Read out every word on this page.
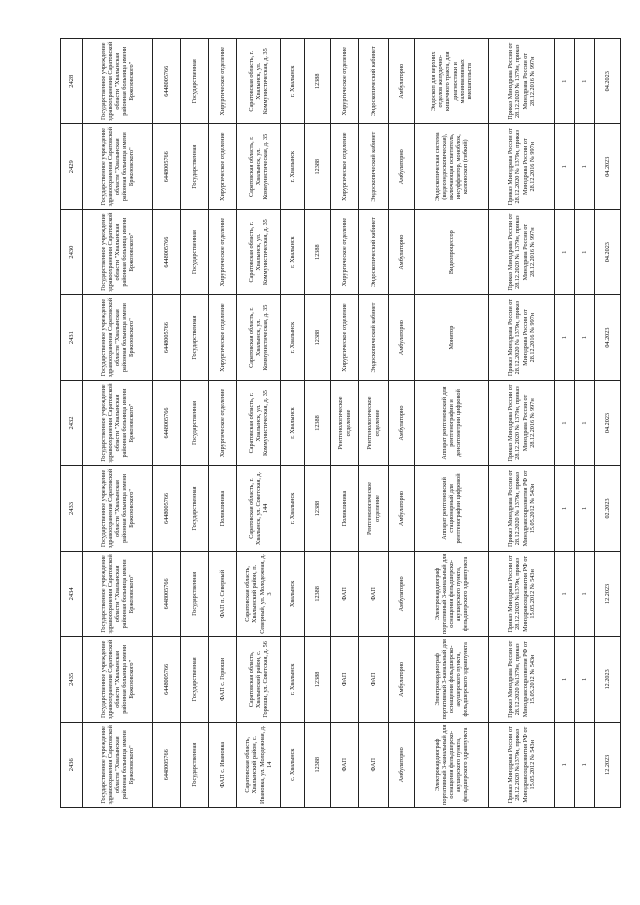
2436	2435	2434	2433	2432	2431	2430	2429	2428
Государственное учреждение здравоохранения Саратовской области "Хвалынская районная больница имени Бржозовского"	Государственное учреждение здравоохранения Саратовской области "Хвалынская районная больница имени Бржозовского"	Государственное учреждение здравоохранения Саратовской области "Хвалынская районная больница имени Бржозовского"	Государственное учреждение здравоохранения Саратовской области "Хвалынская районная больница имени Бржозовского"	Государственное учреждение здравоохранения Саратовской области "Хвалынская районная больница имени Бржозовского"	Государственное учреждение здравоохранения Саратовской области "Хвалынская районная больница имени Бржозовского"	Государственное учреждение здравоохранения Саратовской области "Хвалынская районная больница имени Бржозовского"	Государственное учреждение здравоохранения Саратовской области "Хвалынская районная больница имени Бржозовского"	Государственное учреждение здравоохранения Саратовской области "Хвалынская районная больница имени Бржозовского"
6448005766	6448005766	6448005766	6448005766	6448005766	6448005766	6448005766	6448005766	6448005766
Государственная	Государственная	Государственная	Государственная	Государственная	Государственная	Государственная	Государственная	Государственная
ФАП с. Ивановка	ФАП с. Горюши	ФАП п. Северный	Поликлиника	Хирургическое отделение	Хирургическое отделение	Хирургическое отделение	Хирургическое отделение	Хирургическое отделение
Саратовская область, Хвалынский район, с. Ивановка, ул. Молодежная, д. 14	Саратовская область, Хвалынский район, с. Горюши, ул. Советская, д. 56	Саратовская область, Хвалынский район, п. Северный, ул. Молодежная, д. 3	Саратовская область, г. Хвалынск, ул. Советская, д. 144	Саратовская область, г. Хвалынск, ул. Коммунистическая, д. 35	Саратовская область, г. Хвалынск, ул. Коммунистическая, д. 35	Саратовская область, г. Хвалынск, ул. Коммунистическая, д. 35	Саратовская область, г. Хвалынск, ул. Коммунистическая, д. 35	Саратовская область, г. Хвалынск, ул. Коммунистическая, д. 35
с. Хвалынск	г. Хвалынск	Хвалынск	г. Хвалынск	г. Хвалынск	г. Хвалынск	г. Хвалынск	г. Хвалынск	г. Хвалынск
12388	12388	12388	12388	12388	12388	12388	12388	12388
ФАП	ФАП	ФАП	Поликлиника	Рентгенологическое отделение	Хирургическое отделение	Хирургическое отделение	Хирургическое отделение	Хирургическое отделение
ФАП	ФАП	ФАП	Рентгенологическое отделение	Рентгенологическое отделение	Эндоскопический кабинет	Эндоскопический кабинет	Эндоскопический кабинет	Эндоскопический кабинет
Амбулаторно	Амбулаторно	Амбулаторно	Амбулаторно	Амбулаторно	Амбулаторно	Амбулаторно	Амбулаторно	Амбулаторно
Электрокардиограф портативный 3-канальный для оснащения фельдшерско-акушерского пункта, фельдшерского здравпункта	Электрокардиограф портативный 3-канальный для оснащения фельдшерско-акушерского пункта, фельдшерского здравпункта	Электрокардиограф портативный 3-канальный для оснащения фельдшерско-акушерского пункта, фельдшерского здравпункта	Аппарат рентгеновский стационарный для рентгенографии цифровой	Аппарат рентгеновский для рентгенографии и денситометрии цифровой	Монитор	Видеопроцессор	Эндоскопическая система (видеоэндоскопическая), включающая осветитель, инсуффлятор, моноблок, колоноскоп (гибкий)	Эндоскоп для верхних отделов желудочно-кишечного тракта, для диагностики и малоинвазивных вмешательств
Приказ Минздрава России от 28.12.2020 №1379н, приказ Минздравсоцразвития РФ от 15.05.2012 № 543н	Приказ Минздрава России от 28.12.2020 №1379н, приказ Минздравсоцразвития РФ от 15.05.2012 № 543н	Приказ Минздрава России от 28.12.2020 №1379н, приказ Минздравсоцразвития РФ от 15.05.2012 № 543н	Приказ Минздрава России от 28.12.2020 № 1379н, приказ Минздравсоцразвития РФ от 15.05.2012 № 543н	Приказ Минздрава России от 28.12.2020 № 1379н, приказ Минздрава России от 28.12.2016 № 997н	Приказ Минздрава России от 28.12.2020 № 1379н, приказ Минздрава России от 28.12.2016 № 997н	Приказ Минздрава России от 28.12.2020 № 1379н, приказ Минздрава России от 28.12.2016 № 997н	Приказ Минздрава России от 28.12.2020 № 1379н, приказ Минздрава России от 28.12.2016 № 997н	Приказ Минздрава России от 28.12.2020 № 1379н, приказ Минздрава России от 28.12.2016 № 997н
1	1	1	1	1	1	1	1	1
1	1	1	1	1	1	1	1	1
12.2023	12.2023	12.2023	02.2023	04.2023	04.2023	04.2023	04.2023	04.2023
